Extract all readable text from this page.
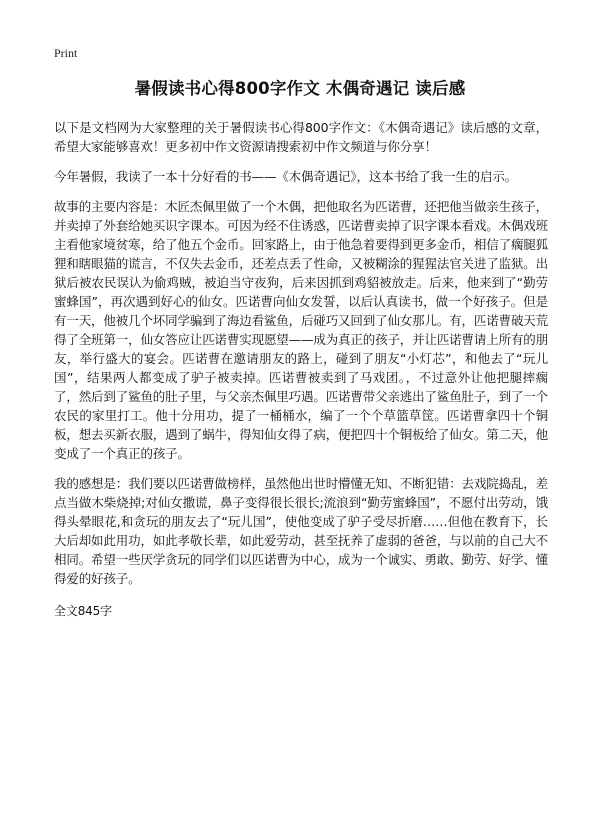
Print
暑假读书心得800字作文 木偶奇遇记 读后感

以下是文档网为大家整理的关于暑假读书心得800字作文：《木偶奇遇记》读后感的文章，希望大家能够喜欢！更多初中作文资源请搜索初中作文频道与你分享！

今年暑假，我读了一本十分好看的书——《木偶奇遇记》，这本书给了我一生的启示。

故事的主要内容是：木匠杰佩里做了一个木偶，把他取名为匹诺曹，还把他当做亲生孩子，并卖掉了外套给她买识字课本。可因为经不住诱惑，匹诺曹卖掉了识字课本看戏。木偶戏班主看他家境贫寒，给了他五个金币。回家路上，由于他急着要得到更多金币，相信了瘸腿狐狸和瞎眼猫的谎言，不仅失去金币，还差点丢了性命，又被糊涂的猩猩法官关进了监狱。出狱后被农民误认为偷鸡贼，被迫当守夜狗，后来因抓到鸡貂被放走。后来，他来到了“勤劳蜜蜂国”，再次遇到好心的仙女。匹诺曹向仙女发誓，以后认真读书，做一个好孩子。但是有一天，他被几个坏同学骗到了海边看鲨鱼，后碰巧又回到了仙女那儿。有，匹诺曹破天荒得了全班第一，仙女答应让匹诺曹实现愿望——成为真正的孩子，并让匹诺曹请上所有的朋友，举行盛大的宴会。匹诺曹在邀请朋友的路上，碰到了朋友“小灯芯”，和他去了“玩儿国”，结果两人都变成了驴子被卖掉。匹诺曹被卖到了马戏团。，不过意外让他把腿摔瘸了，然后到了鲨鱼的肚子里，与父亲杰佩里巧遇。匹诺曹带父亲逃出了鲨鱼肚子，到了一个农民的家里打工。他十分用功，提了一桶桶水，编了一个个草篮草筐。匹诺曹拿四十个铜板，想去买新衣服，遇到了蜗牛，得知仙女得了病，便把四十个铜板给了仙女。第二天，他变成了一个真正的孩子。

我的感想是：我们要以匹诺曹做榜样，虽然他出世时懵懂无知、不断犯错：去戏院捣乱，差点当做木柴烧掉;对仙女撒谎，鼻子变得很长很长;流浪到“勤劳蜜蜂国”，不愿付出劳动，饿得头晕眼花,和贪玩的朋友去了“玩儿国”，使他变成了驴子受尽折磨……但他在教育下，长大后却如此用功，如此孝敬长辈，如此爱劳动，甚至抚养了虚弱的爸爸，与以前的自己大不相同。希望一些厌学贪玩的同学们以匹诺曹为中心，成为一个诚实、勇敢、勤劳、好学、懂得爱的好孩子。

全文845字
